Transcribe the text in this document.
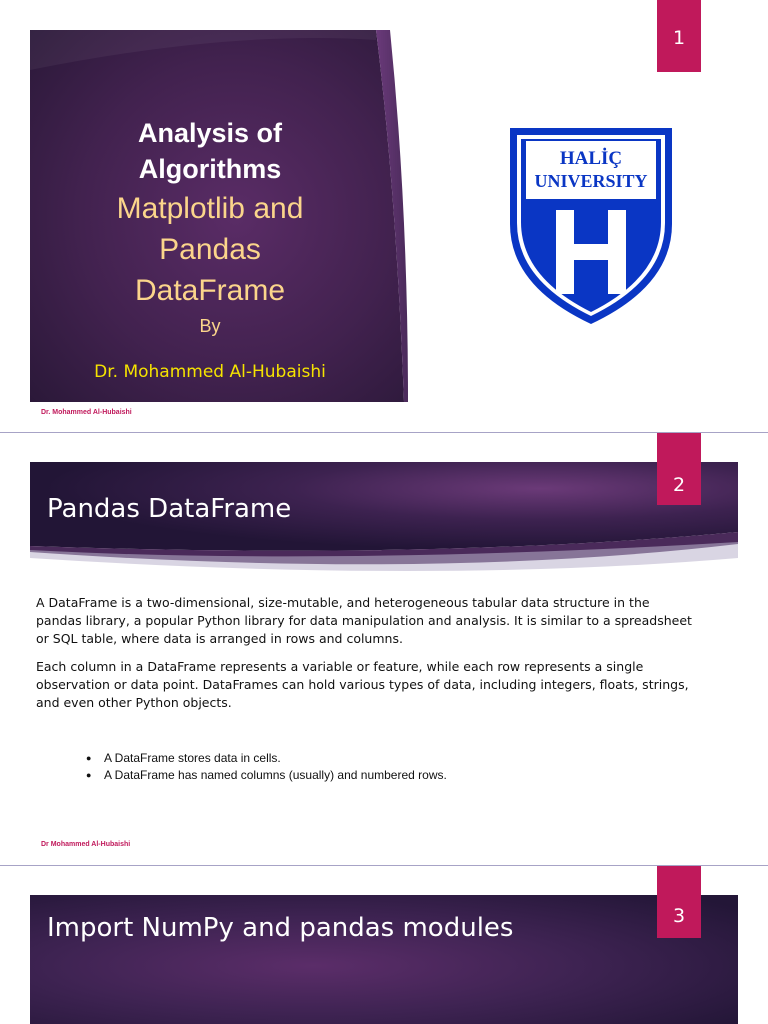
Analysis of
Algorithms
Matplotlib and
Pandas
DataFrame
By
Dr. Mohammed Al-Hubaishi
1
HALİÇ
UNIVERSITY
Dr. Mohammed Al-Hubaishi
Pandas DataFrame
2

A DataFrame is a two-dimensional, size-mutable, and heterogeneous tabular data structure in the pandas library, a popular Python library for data manipulation and analysis. It is similar to a spreadsheet or SQL table, where data is arranged in rows and columns.

Each column in a DataFrame represents a variable or feature, while each row represents a single observation or data point. DataFrames can hold various types of data, including integers, floats, strings, and even other Python objects.

● A DataFrame stores data in cells.
● A DataFrame has named columns (usually) and numbered rows.
Dr Mohammed Al-Hubaishi
Import NumPy and pandas modules	3
